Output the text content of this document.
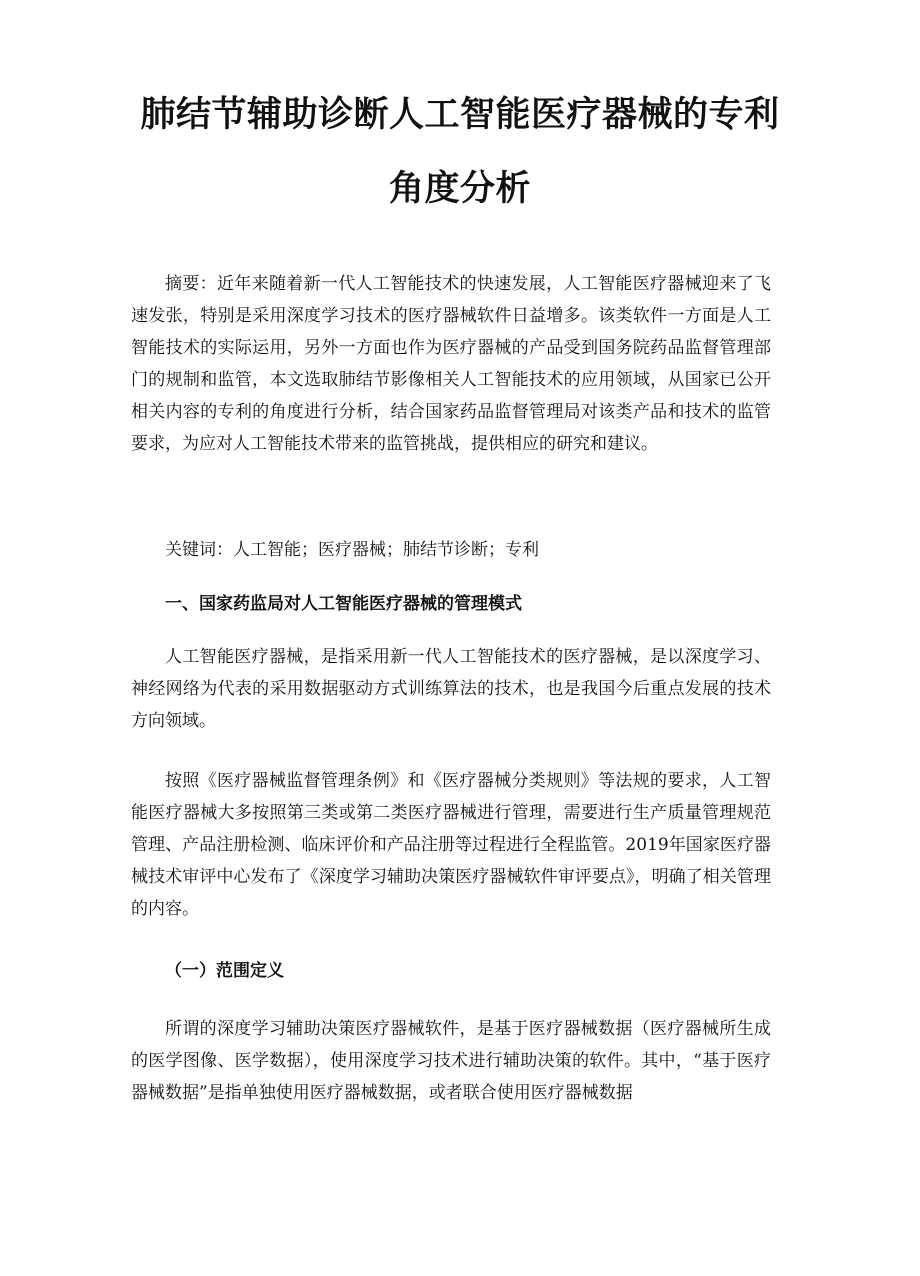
肺结节辅助诊断人工智能医疗器械的专利角度分析

摘要：近年来随着新一代人工智能技术的快速发展，人工智能医疗器械迎来了飞速发张，特别是采用深度学习技术的医疗器械软件日益增多。该类软件一方面是人工智能技术的实际运用，另外一方面也作为医疗器械的产品受到国务院药品监督管理部门的规制和监管，本文选取肺结节影像相关人工智能技术的应用领域，从国家已公开相关内容的专利的角度进行分析，结合国家药品监督管理局对该类产品和技术的监管要求，为应对人工智能技术带来的监管挑战，提供相应的研究和建议。

关键词：人工智能；医疗器械；肺结节诊断；专利

一、国家药监局对人工智能医疗器械的管理模式

人工智能医疗器械，是指采用新一代人工智能技术的医疗器械，是以深度学习、神经网络为代表的采用数据驱动方式训练算法的技术，也是我国今后重点发展的技术方向领域。

按照《医疗器械监督管理条例》和《医疗器械分类规则》等法规的要求，人工智能医疗器械大多按照第三类或第二类医疗器械进行管理，需要进行生产质量管理规范管理、产品注册检测、临床评价和产品注册等过程进行全程监管。2019年国家医疗器械技术审评中心发布了《深度学习辅助决策医疗器械软件审评要点》，明确了相关管理的内容。

（一）范围定义

所谓的深度学习辅助决策医疗器械软件，是基于医疗器械数据（医疗器械所生成的医学图像、医学数据），使用深度学习技术进行辅助决策的软件。其中，“基于医疗器械数据”是指单独使用医疗器械数据，或者联合使用医疗器械数据
